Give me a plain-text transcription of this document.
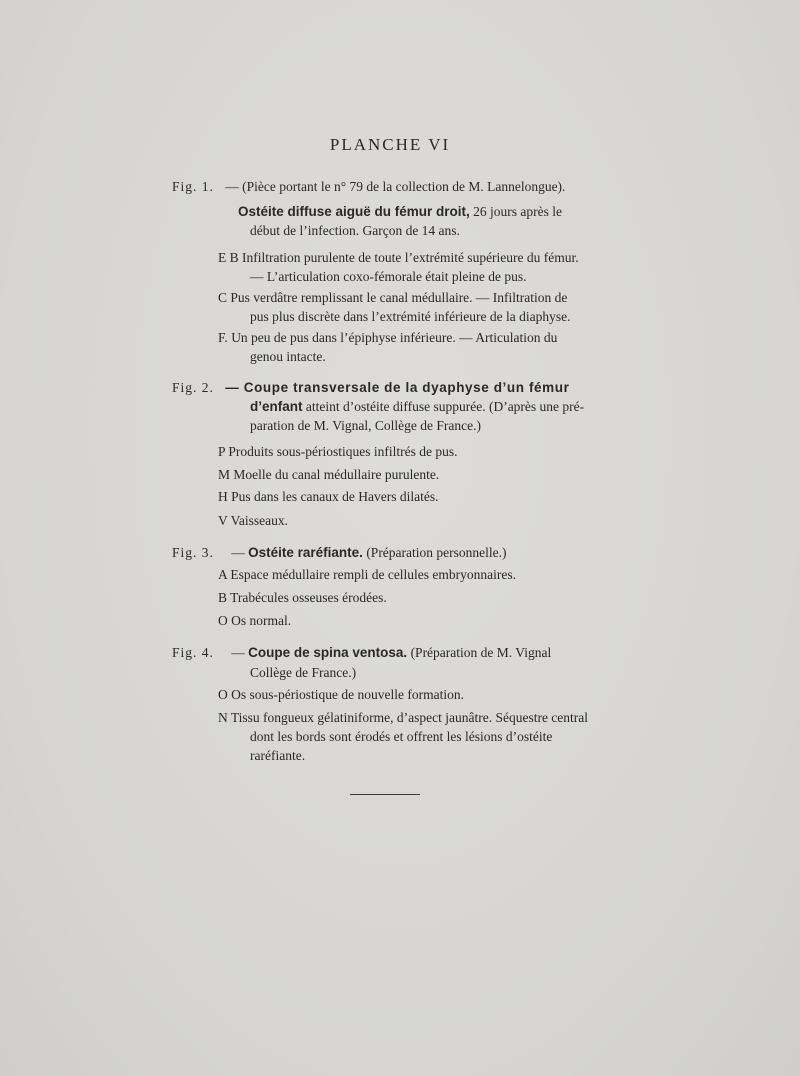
PLANCHE VI
Fig. 1. — (Pièce portant le n° 79 de la collection de M. Lannelongue).
Ostéite diffuse aiguë du fémur droit, 26 jours après le
début de l’infection. Garçon de 14 ans.
E B Infiltration purulente de toute l’extrémité supérieure du fémur.
— L’articulation coxo-fémorale était pleine de pus.
C Pus verdâtre remplissant le canal médullaire. — Infiltration de
pus plus discrète dans l’extrémité inférieure de la diaphyse.
F. Un peu de pus dans l’épiphyse inférieure. — Articulation du
genou intacte.
Fig. 2. — Coupe transversale de la dyaphyse d’un fémur
d’enfant atteint d’ostéite diffuse suppurée. (D’après une pré-
paration de M. Vignal, Collège de France.)
P Produits sous-périostiques infiltrés de pus.
M Moelle du canal médullaire purulente.
H Pus dans les canaux de Havers dilatés.
V Vaisseaux.
Fig. 3. — Ostéite raréfiante. (Préparation personnelle.)
A Espace médullaire rempli de cellules embryonnaires.
B Trabécules osseuses érodées.
O Os normal.
Fig. 4. — Coupe de spina ventosa. (Préparation de M. Vignal
Collège de France.)
O Os sous-périostique de nouvelle formation.
N Tissu fongueux gélatiniforme, d’aspect jaunâtre. Séquestre central
dont les bords sont érodés et offrent les lésions d’ostéite
raréfiante.
